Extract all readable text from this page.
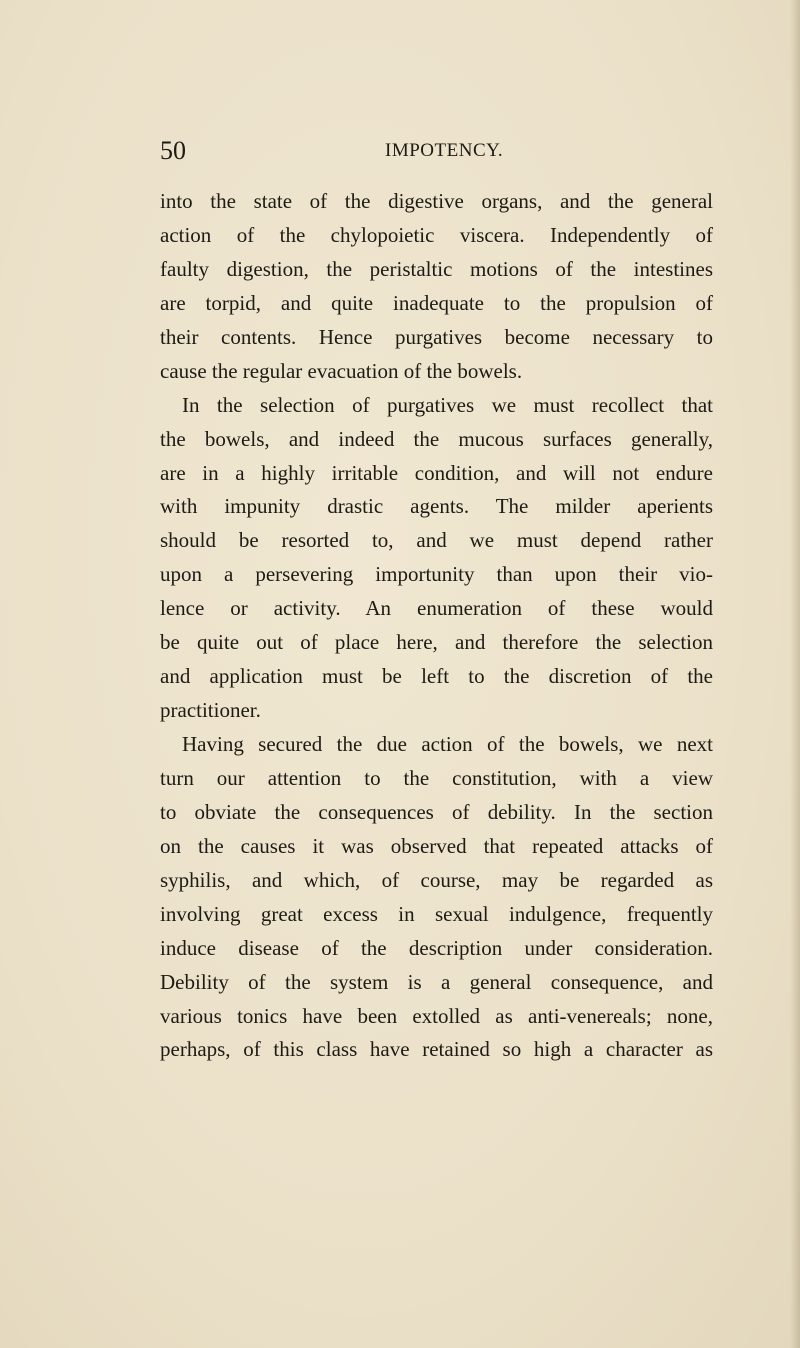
50	IMPOTENCY.
into the state of the digestive organs, and the general
action of the chylopoietic viscera. Independently of
faulty digestion, the peristaltic motions of the intestines
are torpid, and quite inadequate to the propulsion of
their contents. Hence purgatives become necessary to
cause the regular evacuation of the bowels.
In the selection of purgatives we must recollect that
the bowels, and indeed the mucous surfaces generally,
are in a highly irritable condition, and will not endure
with impunity drastic agents. The milder aperients
should be resorted to, and we must depend rather
upon a persevering importunity than upon their vio-
lence or activity. An enumeration of these would
be quite out of place here, and therefore the selection
and application must be left to the discretion of the
practitioner.
Having secured the due action of the bowels, we next
turn our attention to the constitution, with a view
to obviate the consequences of debility. In the section
on the causes it was observed that repeated attacks of
syphilis, and which, of course, may be regarded as
involving great excess in sexual indulgence, frequently
induce disease of the description under consideration.
Debility of the system is a general consequence, and
various tonics have been extolled as anti-venereals; none,
perhaps, of this class have retained so high a character as
